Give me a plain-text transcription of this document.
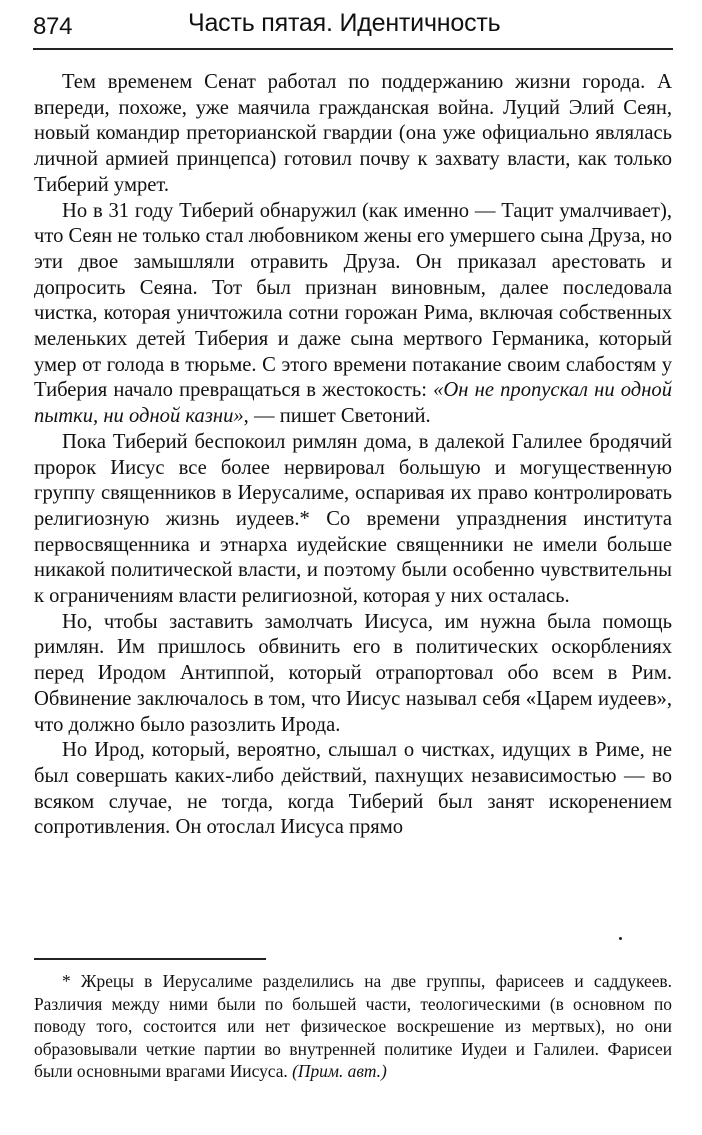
874	Часть пятая. Идентичность

Тем временем Сенат работал по поддержанию жизни города. А впереди, похоже, уже маячила гражданская война. Луций Элий Сеян, новый командир преторианской гвардии (она уже официально являлась личной армией принцепса) готовил почву к захвату власти, как только Тиберий умрет.

Но в 31 году Тиберий обнаружил (как именно — Тацит умалчивает), что Сеян не только стал любовником жены его умершего сына Друза, но эти двое замышляли отравить Друза. Он приказал арестовать и допросить Сеяна. Тот был признан виновным, далее последовала чистка, которая уничтожила сотни горожан Рима, включая собственных меленьких детей Тиберия и даже сына мертвого Германика, который умер от голода в тюрьме. С этого времени потакание своим слабостям у Тиберия начало превращаться в жестокость: «Он не пропускал ни одной пытки, ни одной казни», — пишет Светоний.

Пока Тиберий беспокоил римлян дома, в далекой Галилее бродячий пророк Иисус все более нервировал большую и могущественную группу священников в Иерусалиме, оспаривая их право контролировать религиозную жизнь иудеев.* Со времени упразднения института первосвященника и этнарха иудейские священники не имели больше никакой политической власти, и поэтому были особенно чувствительны к ограничениям власти религиозной, которая у них осталась.

Но, чтобы заставить замолчать Иисуса, им нужна была помощь римлян. Им пришлось обвинить его в политических оскорблениях перед Иродом Антиппой, который отрапортовал обо всем в Рим. Обвинение заключалось в том, что Иисус называл себя «Царем иудеев», что должно было разозлить Ирода.

Но Ирод, который, вероятно, слышал о чистках, идущих в Риме, не был совершать каких-либо действий, пахнущих независимостью — во всяком случае, не тогда, когда Тиберий был занят искоренением сопротивления. Он отослал Иисуса прямо

* Жрецы в Иерусалиме разделились на две группы, фарисеев и саддукеев. Различия между ними были по большей части, теологическими (в основном по поводу того, состоится или нет физическое воскрешение из мертвых), но они образовывали четкие партии во внутренней политике Иудеи и Галилеи. Фарисеи были основными врагами Иисуса. (Прим. авт.)
